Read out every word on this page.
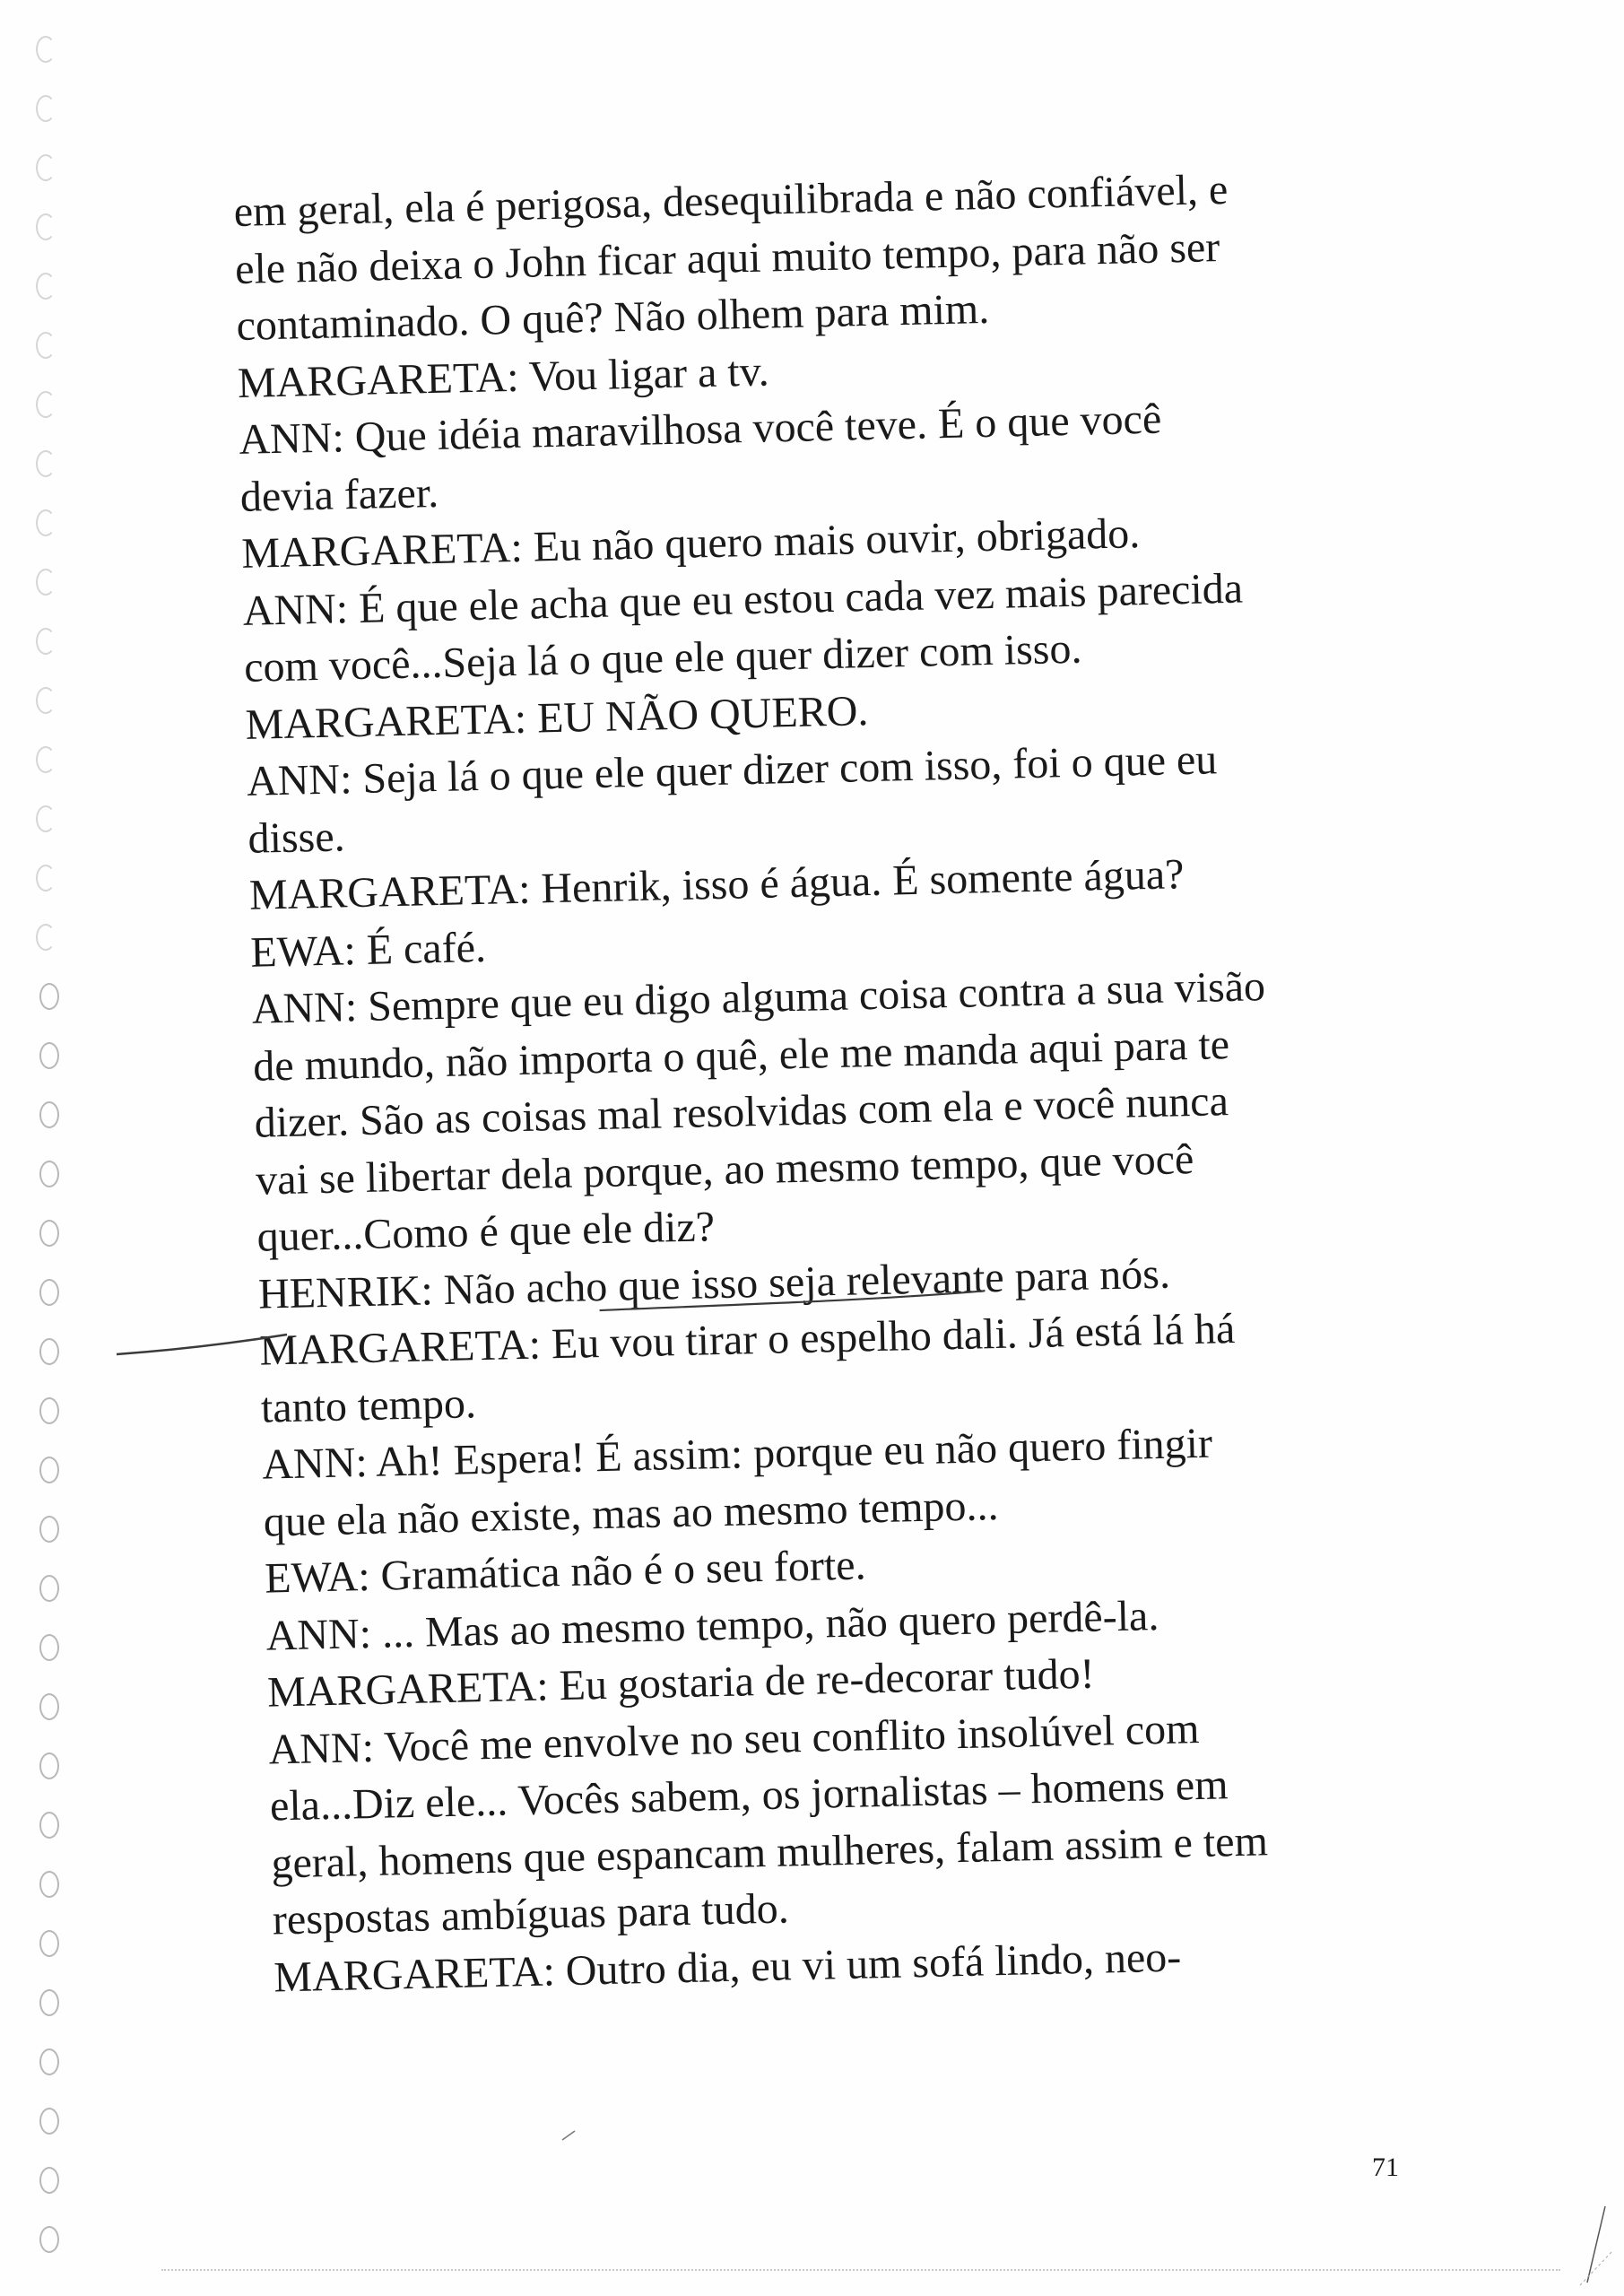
em geral, ela é perigosa, desequilibrada e não confiável, e

ele não deixa o John ficar aqui muito tempo, para não ser

contaminado. O quê? Não olhem para mim.

MARGARETA: Vou ligar a tv.

ANN: Que idéia maravilhosa você teve. É o que você

devia fazer.

MARGARETA: Eu não quero mais ouvir, obrigado.

ANN: É que ele acha que eu estou cada vez mais parecida

com você...Seja lá o que ele quer dizer com isso.

MARGARETA: EU NÃO QUERO.

ANN: Seja lá o que ele quer dizer com isso, foi o que eu

disse.

MARGARETA: Henrik, isso é água. É somente água?

EWA: É café.

ANN: Sempre que eu digo alguma coisa contra a sua visão

de mundo, não importa o quê, ele me manda aqui para te

dizer. São as coisas mal resolvidas com ela e você nunca

vai se libertar dela porque, ao mesmo tempo, que você

quer...Como é que ele diz?

HENRIK: Não acho que isso seja relevante para nós.

MARGARETA: Eu vou tirar o espelho dali. Já está lá há

tanto tempo.

ANN: Ah! Espera! É assim: porque eu não quero fingir

que ela não existe, mas ao mesmo tempo...

EWA: Gramática não é o seu forte.

ANN: ... Mas ao mesmo tempo, não quero perdê-la.

MARGARETA: Eu gostaria de re-decorar tudo!

ANN: Você me envolve no seu conflito insolúvel com

ela...Diz ele... Vocês sabem, os jornalistas – homens em

geral, homens que espancam mulheres, falam assim e tem

respostas ambíguas para tudo.

MARGARETA: Outro dia, eu vi um sofá lindo, neo-

71
